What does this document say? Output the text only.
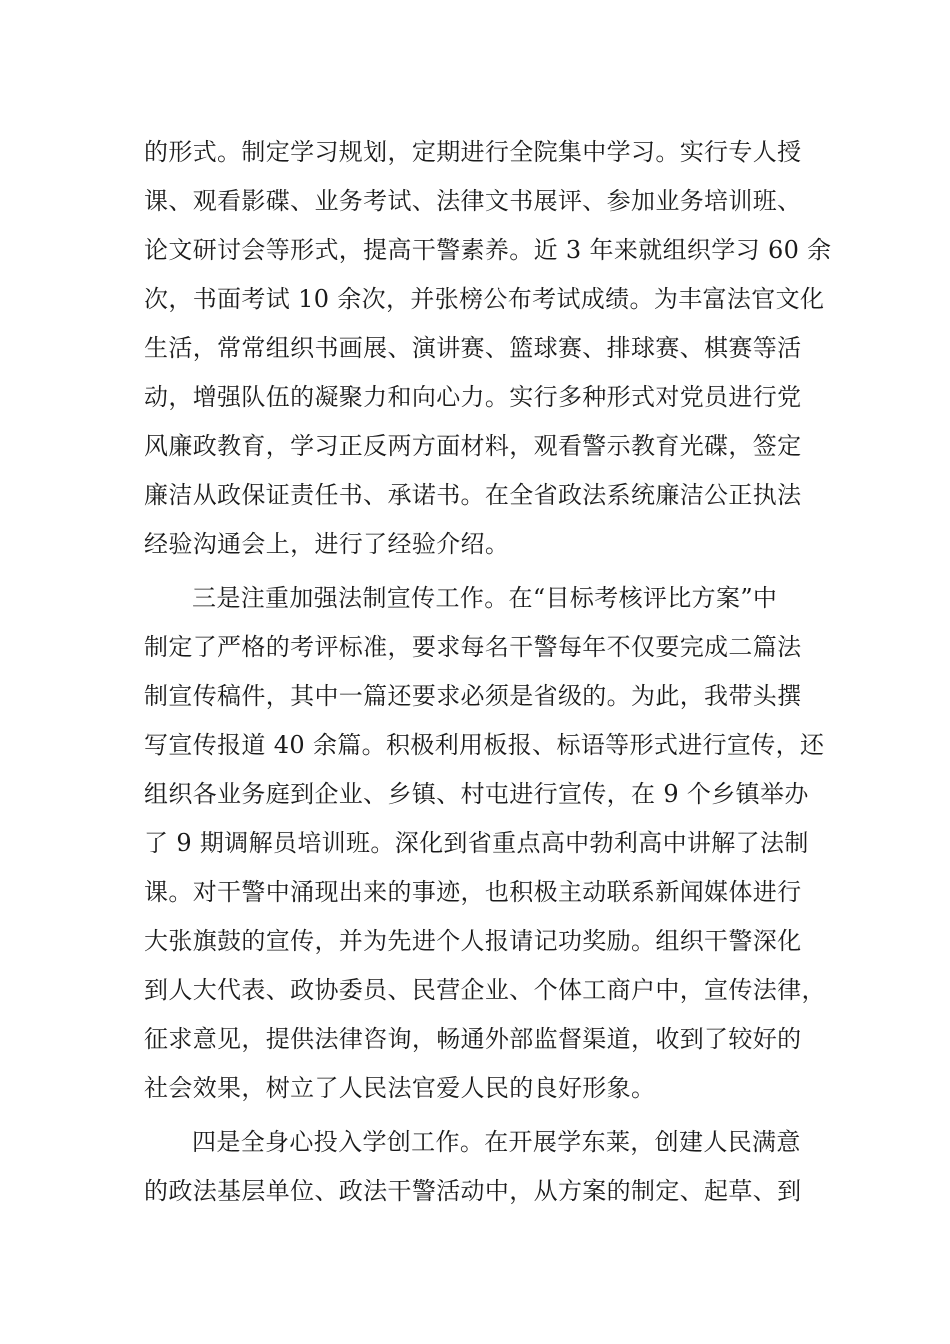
的形式。制定学习规划，定期进行全院集中学习。实行专人授
课、观看影碟、业务考试、法律文书展评、参加业务培训班、
论文研讨会等形式，提高干警素养。近 3 年来就组织学习 60 余
次，书面考试 10 余次，并张榜公布考试成绩。为丰富法官文化
生活，常常组织书画展、演讲赛、篮球赛、排球赛、棋赛等活
动，增强队伍的凝聚力和向心力。实行多种形式对党员进行党
风廉政教育，学习正反两方面材料，观看警示教育光碟，签定
廉洁从政保证责任书、承诺书。在全省政法系统廉洁公正执法
经验沟通会上，进行了经验介绍。
三是注重加强法制宣传工作。在“目标考核评比方案”中
制定了严格的考评标准，要求每名干警每年不仅要完成二篇法
制宣传稿件，其中一篇还要求必须是省级的。为此，我带头撰
写宣传报道 40 余篇。积极利用板报、标语等形式进行宣传，还
组织各业务庭到企业、乡镇、村屯进行宣传，在 9 个乡镇举办
了 9 期调解员培训班。深化到省重点高中勃利高中讲解了法制
课。对干警中涌现出来的事迹，也积极主动联系新闻媒体进行
大张旗鼓的宣传，并为先进个人报请记功奖励。组织干警深化
到人大代表、政协委员、民营企业、个体工商户中，宣传法律，
征求意见，提供法律咨询，畅通外部监督渠道，收到了较好的
社会效果，树立了人民法官爱人民的良好形象。
四是全身心投入学创工作。在开展学东莱，创建人民满意
的政法基层单位、政法干警活动中，从方案的制定、起草、到
